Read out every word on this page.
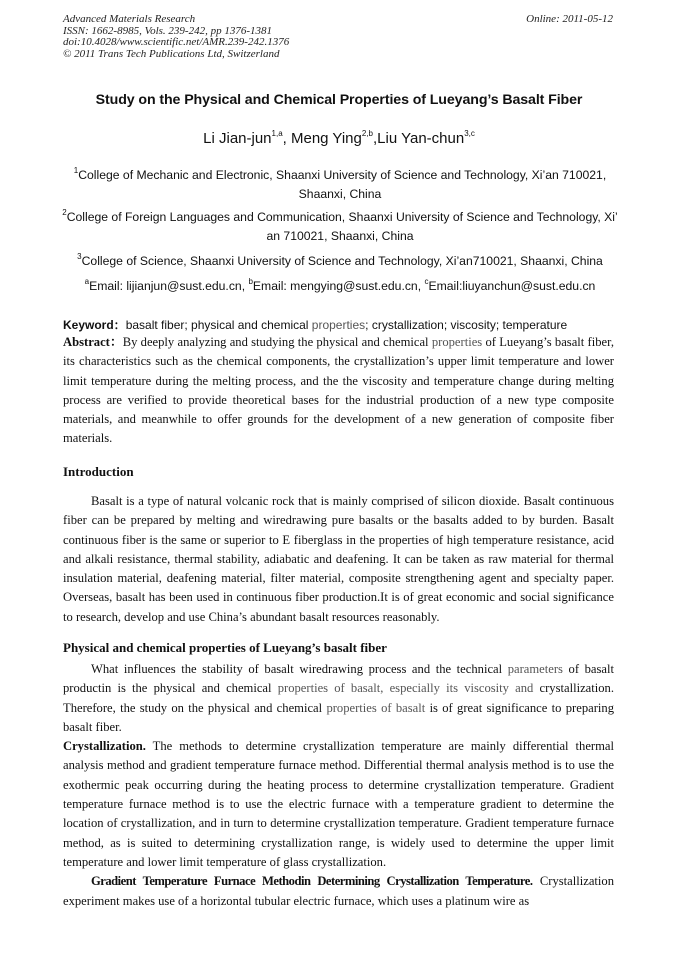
Advanced Materials Research
ISSN: 1662-8985, Vols. 239-242, pp 1376-1381
doi:10.4028/www.scientific.net/AMR.239-242.1376
© 2011 Trans Tech Publications Ltd, Switzerland
Online: 2011-05-12
Study on the Physical and Chemical Properties of Lueyang’s Basalt Fiber
Li Jian-jun$^{1,a}$, Meng Ying$^{2,b}$,Liu Yan-chun$^{3,c}$
$^1$College of Mechanic and Electronic, Shaanxi University of Science and Technology, Xi’an 710021, Shaanxi, China
$^2$College of Foreign Languages and Communication, Shaanxi University of Science and Technology, Xi’ an 710021, Shaanxi, China
$^3$College of Science, Shaanxi University of Science and Technology, Xi’an710021, Shaanxi, China
$^a$Email: lijianjun@sust.edu.cn, $^b$Email: mengying@sust.edu.cn, $^c$Email:liuyanchun@sust.edu.cn
Keyword：basalt fiber; physical and chemical properties; crystallization; viscosity; temperature

Abstract：By deeply analyzing and studying the physical and chemical properties of Lueyang’s basalt fiber, its characteristics such as the chemical components, the crystallization’s upper limit temperature and lower limit temperature during the melting process, and the the viscosity and temperature change during melting process are verified to provide theoretical bases for the industrial production of a new type composite materials, and meanwhile to offer grounds for the development of a new generation of composite fiber materials.

Introduction

Basalt is a type of natural volcanic rock that is mainly comprised of silicon dioxide. Basalt continuous fiber can be prepared by melting and wiredrawing pure basalts or the basalts added to by burden. Basalt continuous fiber is the same or superior to E fiberglass in the properties of high temperature resistance, acid and alkali resistance, thermal stability, adiabatic and deafening. It can be taken as raw material for thermal insulation material, deafening material, filter material, composite strengthening agent and specialty paper. Overseas, basalt has been used in continuous fiber production.It is of great economic and social significance to research, develop and use China’s abundant basalt resources reasonably.

Physical and chemical properties of Lueyang’s basalt fiber

What influences the stability of basalt wiredrawing process and the technical parameters of basalt productin is the physical and chemical properties of basalt, especially its viscosity and crystallization. Therefore, the study on the physical and chemical properties of basalt is of great significance to preparing basalt fiber.

Crystallization. The methods to determine crystallization temperature are mainly differential thermal analysis method and gradient temperature furnace method. Differential thermal analysis method is to use the exothermic peak occurring during the heating process to determine crystallization temperature. Gradient temperature furnace method is to use the electric furnace with a temperature gradient to determine the location of crystallization, and in turn to determine crystallization temperature. Gradient temperature furnace method, as is suited to determining crystallization range, is widely used to determine the upper limit temperature and lower limit temperature of glass crystallization.

Gradient Temperature Furnace Methodin Determining Crystallization Temperature. Crystallization experiment makes use of a horizontal tubular electric furnace, which uses a platinum wire as
